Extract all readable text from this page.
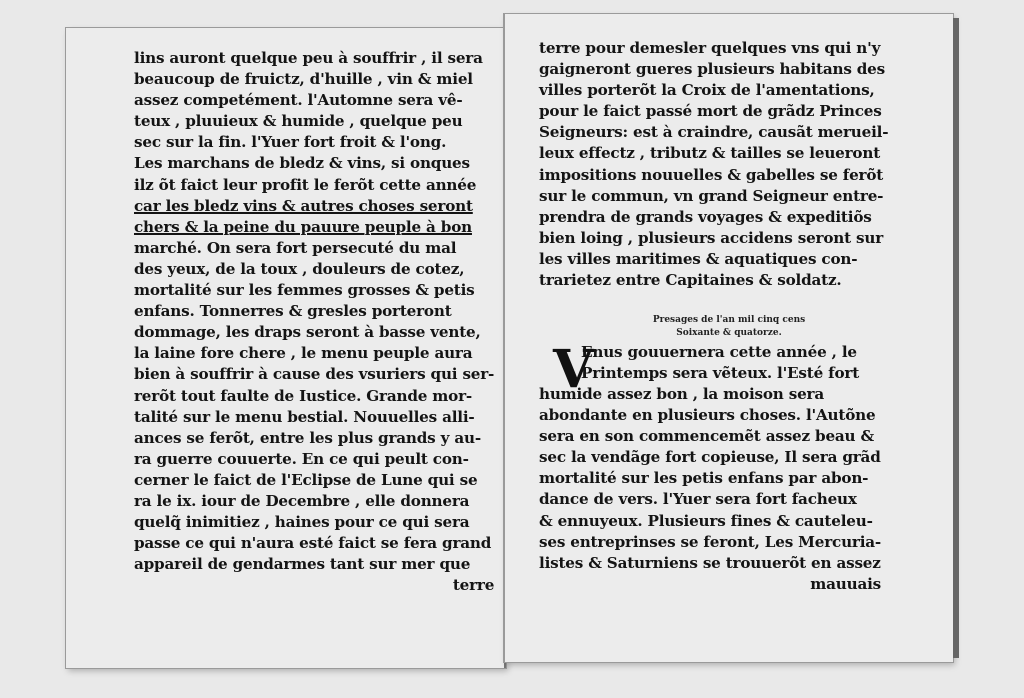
lins auront quelque peu à souffrir , il sera
beaucoup de fruictz, d'huille , vin & miel
assez competément. l'Automne sera vê-
teux , pluuieux & humide , quelque peu
sec sur la fin. l'Yuer fort froit & l'ong.
Les marchans de bledz & vins, si onques
ilz õt faict leur profit le ferõt cette année
car les bledz vins & autres choses seront
chers & la peine du pauure peuple à bon
marché. On sera fort persecuté du mal
des yeux, de la toux , douleurs de cotez,
mortalité sur les femmes grosses & petis
enfans. Tonnerres & gresles porteront
dommage, les draps seront à basse vente,
la laine fore chere , le menu peuple aura
bien à souffrir à cause des vsuriers qui ser-
rerõt tout faulte de Iustice. Grande mor-
talité sur le menu bestial. Nouuelles alli-
ances se ferõt, entre les plus grands y au-
ra guerre couuerte. En ce qui peult con-
cerner le faict de l'Eclipse de Lune qui se
ra le ix. iour de Decembre , elle donnera
quelq̃ inimitiez , haines pour ce qui sera
passe ce qui n'aura esté faict se fera grand
appareil de gendarmes tant sur mer que
terre
terre pour demesler quelques vns qui n'y
gaigneront gueres plusieurs habitans des
villes porterõt la Croix de l'amentations,
pour le faict passé mort de grãdz Princes
Seigneurs: est à craindre, causãt merueil-
leux effectz , tributz & tailles se leueront
impositions nouuelles & gabelles se ferõt
sur le commun, vn grand Seigneur entre-
prendra de grands voyages & expeditiõs
bien loing , plusieurs accidens seront sur
les villes maritimes & aquatiques con-
trarietez entre Capitaines & soldatz.
Presages de l'an mil cinq cens
Soixante & quatorze.
V
Enus gouuernera cette année , le
Printemps sera vẽteux. l'Esté fort
humide assez bon , la moison sera
abondante en plusieurs choses. l'Autõne
sera en son commencemẽt assez beau &
sec la vendãge fort copieuse, Il sera grãd
mortalité sur les petis enfans par abon-
dance de vers. l'Yuer sera fort facheux
& ennuyeux. Plusieurs fines & cauteleu-
ses entreprinses se feront, Les Mercuria-
listes & Saturniens se trouuerõt en assez
mauuais
